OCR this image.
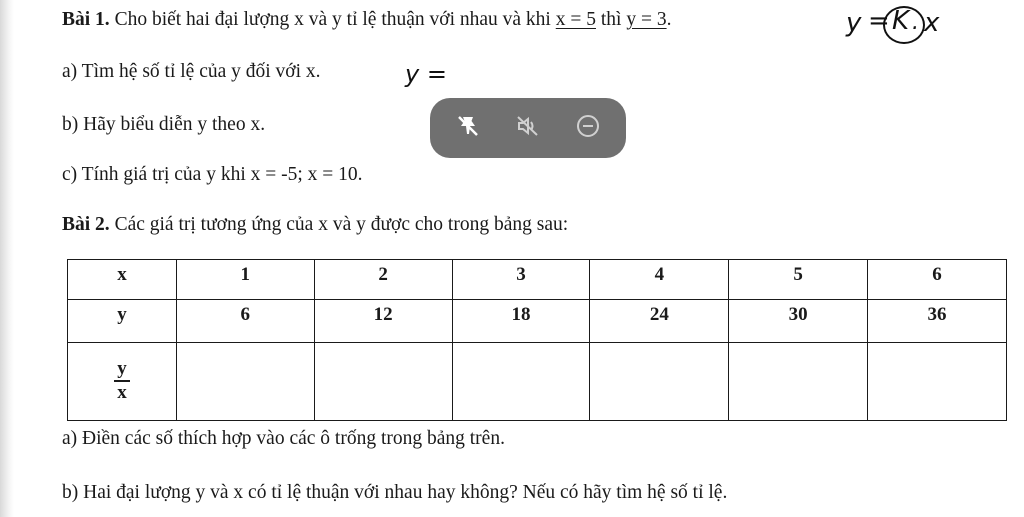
Bài 1. Cho biết hai đại lượng x và y tỉ lệ thuận với nhau và khi x = 5 thì y = 3.	y = K . x
a) Tìm hệ số tỉ lệ của y đối với x.	y =
b) Hãy biểu diễn y theo x.
c) Tính giá trị của y khi x = -5; x = 10.
Bài 2. Các giá trị tương ứng của x và y được cho trong bảng sau:
x	1	2	3	4	5	6
y	6	12	18	24	30	36

$\frac{y}{x}$

a) Điền các số thích hợp vào các ô trống trong bảng trên.
b) Hai đại lượng y và x có tỉ lệ thuận với nhau hay không? Nếu có hãy tìm hệ số tỉ lệ.
